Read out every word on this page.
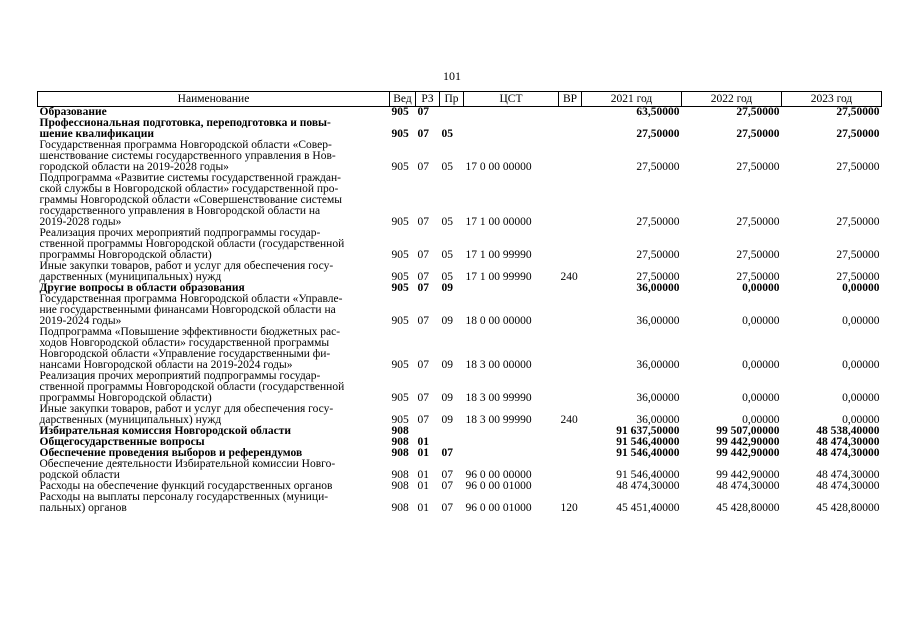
101
Наименование	Вед	РЗ	Пр	ЦСТ	ВР	2021 год	2022 год	2023 год
Образование	905	07				63,50000	27,50000	27,50000
Профессиональная подготовка, переподготовка и повы-
шение квалификации	905	07	05			27,50000	27,50000	27,50000
Государственная программа Новгородской области «Совер-
шенствование системы государственного управления в Нов-
городской области на 2019-2028 годы»	905	07	05	17 0 00 00000		27,50000	27,50000	27,50000
Подпрограмма «Развитие системы государственной граждан-
ской службы в Новгородской области» государственной про-
граммы Новгородской области «Совершенствование системы
государственного управления в Новгородской области на
2019-2028 годы»	905	07	05	17 1 00 00000		27,50000	27,50000	27,50000
Реализация прочих мероприятий подпрограммы государ-
ственной программы Новгородской области (государственной
программы Новгородской области)	905	07	05	17 1 00 99990		27,50000	27,50000	27,50000
Иные закупки товаров, работ и услуг для обеспечения госу-
дарственных (муниципальных) нужд	905	07	05	17 1 00 99990	240	27,50000	27,50000	27,50000
Другие вопросы в области образования	905	07	09			36,00000	0,00000	0,00000
Государственная программа Новгородской области «Управле-
ние государственными финансами Новгородской области на
2019-2024 годы»	905	07	09	18 0 00 00000		36,00000	0,00000	0,00000
Подпрограмма «Повышение эффективности бюджетных рас-
ходов Новгородской области» государственной программы
Новгородской области «Управление государственными фи-
нансами Новгородской области на 2019-2024 годы»	905	07	09	18 3 00 00000		36,00000	0,00000	0,00000
Реализация прочих мероприятий подпрограммы государ-
ственной программы Новгородской области (государственной
программы Новгородской области)	905	07	09	18 3 00 99990		36,00000	0,00000	0,00000
Иные закупки товаров, работ и услуг для обеспечения госу-
дарственных (муниципальных) нужд	905	07	09	18 3 00 99990	240	36,00000	0,00000	0,00000
Избирательная комиссия Новгородской области	908					91 637,50000	99 507,00000	48 538,40000
Общегосударственные вопросы	908	01				91 546,40000	99 442,90000	48 474,30000
Обеспечение проведения выборов и референдумов	908	01	07			91 546,40000	99 442,90000	48 474,30000
Обеспечение деятельности Избирательной комиссии Новго-
родской области	908	01	07	96 0 00 00000		91 546,40000	99 442,90000	48 474,30000
Расходы на обеспечение функций государственных органов	908	01	07	96 0 00 01000		48 474,30000	48 474,30000	48 474,30000
Расходы на выплаты персоналу государственных (муници-
пальных) органов	908	01	07	96 0 00 01000	120	45 451,40000	45 428,80000	45 428,80000
